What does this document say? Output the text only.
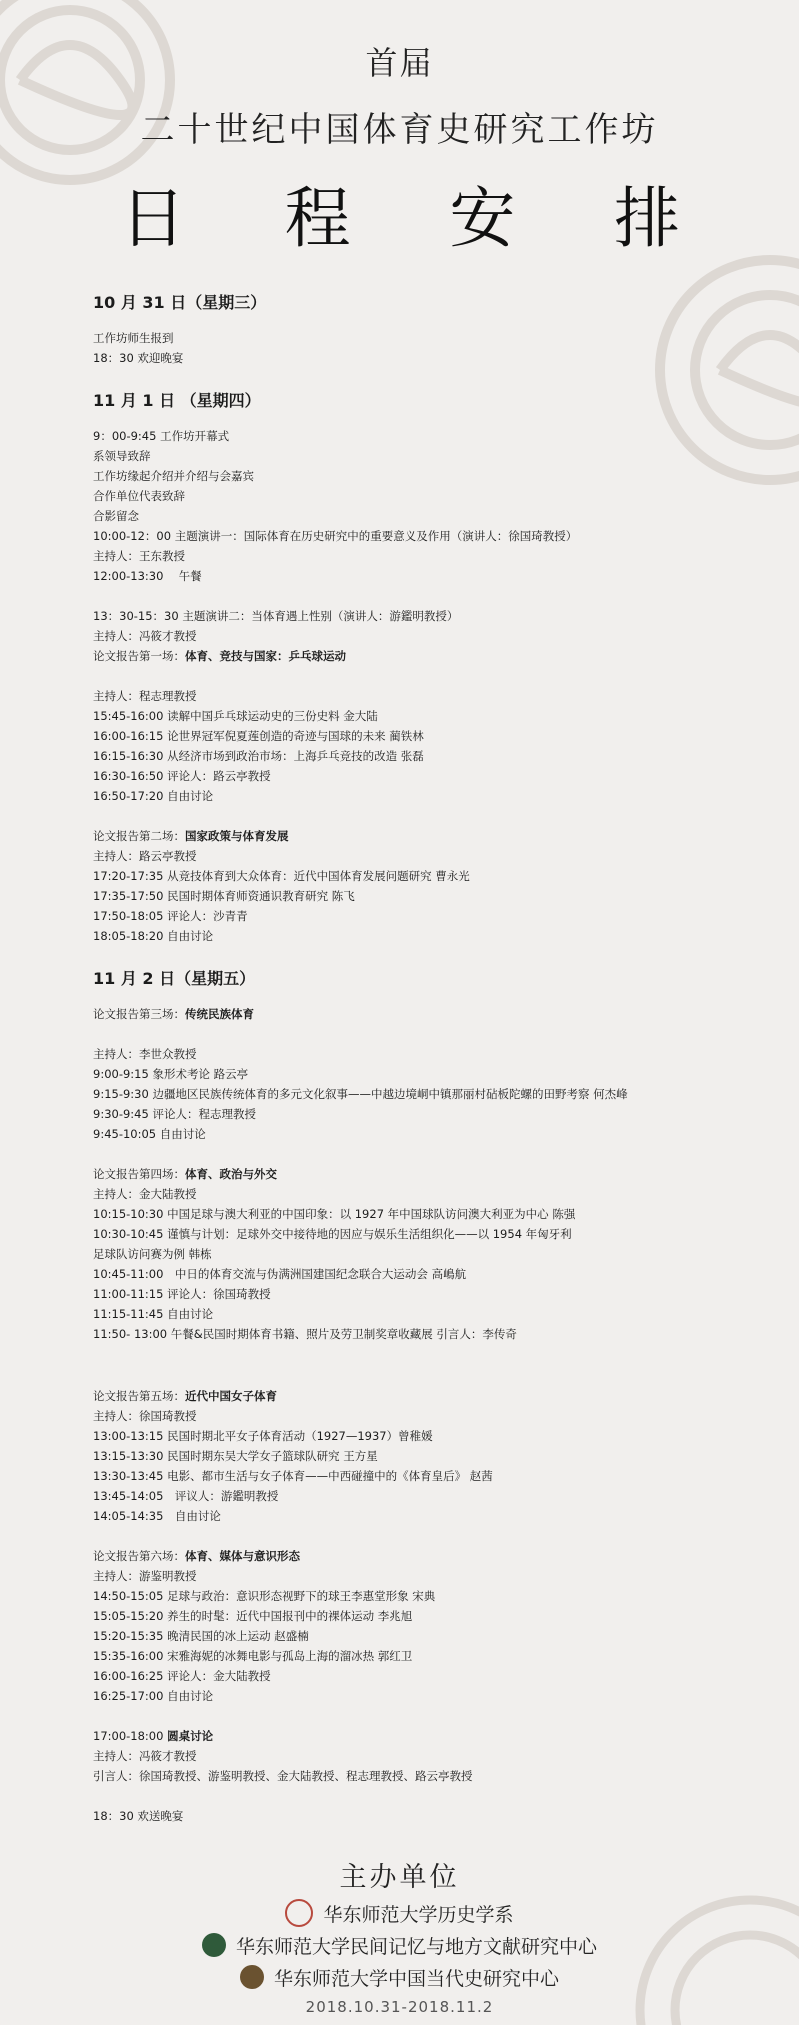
首届
二十世纪中国体育史研究工作坊
日 程 安 排
10 月 31 日（星期三）
工作坊师生报到
18：30 欢迎晚宴
11 月 1 日 （星期四）
9：00-9:45 工作坊开幕式
系领导致辞
工作坊缘起介绍并介绍与会嘉宾
合作单位代表致辞
合影留念
10:00-12：00 主题演讲一：国际体育在历史研究中的重要意义及作用（演讲人：徐国琦教授）
主持人：王东教授
12:00-13:30　 午餐
13：30-15：30 主题演讲二：当体育遇上性别（演讲人：游鑑明教授）
主持人：冯筱才教授
论文报告第一场：体育、竞技与国家：乒乓球运动
主持人：程志理教授
15:45-16:00 读解中国乒乓球运动史的三份史料 金大陆
16:00-16:15 论世界冠军倪夏莲创造的奇迹与国球的未来 蔺铁林
16:15-16:30 从经济市场到政治市场：上海乒乓竞技的改造 张磊
16:30-16:50 评论人：路云亭教授
16:50-17:20 自由讨论
论文报告第二场：国家政策与体育发展
主持人：路云亭教授
17:20-17:35 从竞技体育到大众体育：近代中国体育发展问题研究 曹永光
17:35-17:50 民国时期体育师资通识教育研究 陈飞
17:50-18:05 评论人：沙青青
18:05-18:20 自由讨论
11 月 2 日（星期五）
论文报告第三场：传统民族体育
主持人：李世众教授
9:00-9:15 象形术考论 路云亭
9:15-9:30 边疆地区民族传统体育的多元文化叙事——中越边境峒中镇那丽村砧板陀螺的田野考察 何杰峰
9:30-9:45 评论人：程志理教授
9:45-10:05 自由讨论
论文报告第四场：体育、政治与外交
主持人：金大陆教授
10:15-10:30 中国足球与澳大利亚的中国印象：以 1927 年中国球队访问澳大利亚为中心 陈强
10:30-10:45 谨慎与计划：足球外交中接待地的因应与娱乐生活组织化——以 1954 年匈牙利
足球队访问赛为例 韩栋
10:45-11:00　中日的体育交流与伪满洲国建国纪念联合大运动会 高嶋航
11:00-11:15 评论人：徐国琦教授
11:15-11:45 自由讨论
11:50- 13:00 午餐&民国时期体育书籍、照片及劳卫制奖章收藏展 引言人：李传奇
论文报告第五场：近代中国女子体育
主持人：徐国琦教授
13:00-13:15 民国时期北平女子体育活动（1927—1937）曾稚媛
13:15-13:30 民国时期东吴大学女子篮球队研究 王方星
13:30-13:45 电影、都市生活与女子体育——中西碰撞中的《体育皇后》 赵茜
13:45-14:05　评议人：游鑑明教授
14:05-14:35　自由讨论
论文报告第六场：体育、媒体与意识形态
主持人：游鉴明教授
14:50-15:05 足球与政治：意识形态视野下的球王李惠堂形象 宋典
15:05-15:20 养生的时髦：近代中国报刊中的裸体运动 李兆旭
15:20-15:35 晚清民国的冰上运动 赵盛楠
15:35-16:00 宋雅海妮的冰舞电影与孤岛上海的溜冰热 郭红卫
16:00-16:25 评论人：金大陆教授
16:25-17:00 自由讨论
17:00-18:00 圆桌讨论
主持人：冯筱才教授
引言人：徐国琦教授、游鉴明教授、金大陆教授、程志理教授、路云亭教授
18：30 欢送晚宴
主办单位
华东师范大学历史学系
华东师范大学民间记忆与地方文献研究中心
华东师范大学中国当代史研究中心
2018.10.31-2018.11.2
